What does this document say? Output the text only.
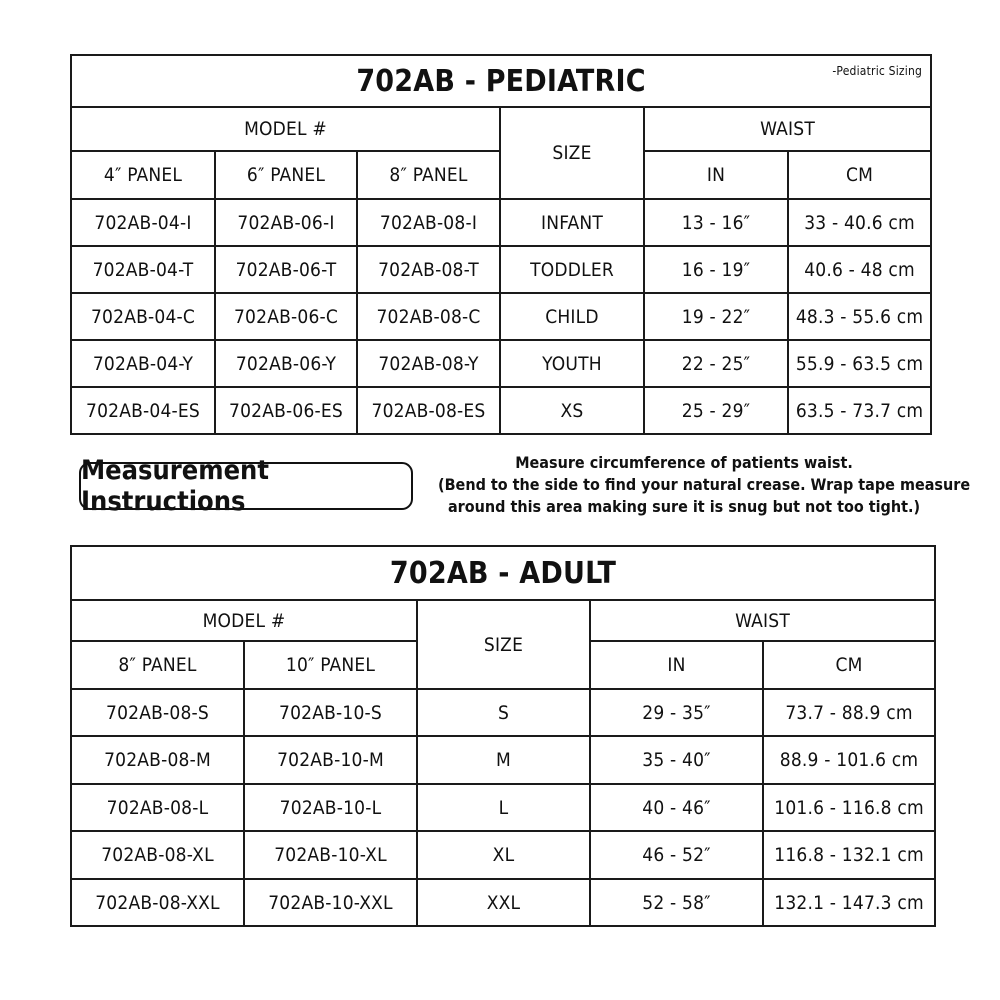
702AB - PEDIATRIC -Pediatric Sizing					

MODEL #			SIZE	WAIST	
4″ PANEL	6″ PANEL	8″ PANEL		IN	CM
702AB-04-I	702AB-06-I	702AB-08-I	INFANT	13 - 16″	33 - 40.6 cm
702AB-04-T	702AB-06-T	702AB-08-T	TODDLER	16 - 19″	40.6 - 48 cm
702AB-04-C	702AB-06-C	702AB-08-C	CHILD	19 - 22″	48.3 - 55.6 cm
702AB-04-Y	702AB-06-Y	702AB-08-Y	YOUTH	22 - 25″	55.9 - 63.5 cm
702AB-04-ES	702AB-06-ES	702AB-08-ES	XS	25 - 29″	63.5 - 73.7 cm
Measurement Instructions
Measure circumference of patients waist.
(Bend to the side to find your natural crease. Wrap tape measure
around this area making sure it is snug but not too tight.)
702AB - ADULT				
MODEL #		SIZE	WAIST	
8″ PANEL	10″ PANEL		IN	CM
702AB-08-S	702AB-10-S	S	29 - 35″	73.7 - 88.9 cm
702AB-08-M	702AB-10-M	M	35 - 40″	88.9 - 101.6 cm
702AB-08-L	702AB-10-L	L	40 - 46″	101.6 - 116.8 cm
702AB-08-XL	702AB-10-XL	XL	46 - 52″	116.8 - 132.1 cm
702AB-08-XXL	702AB-10-XXL	XXL	52 - 58″	132.1 - 147.3 cm
